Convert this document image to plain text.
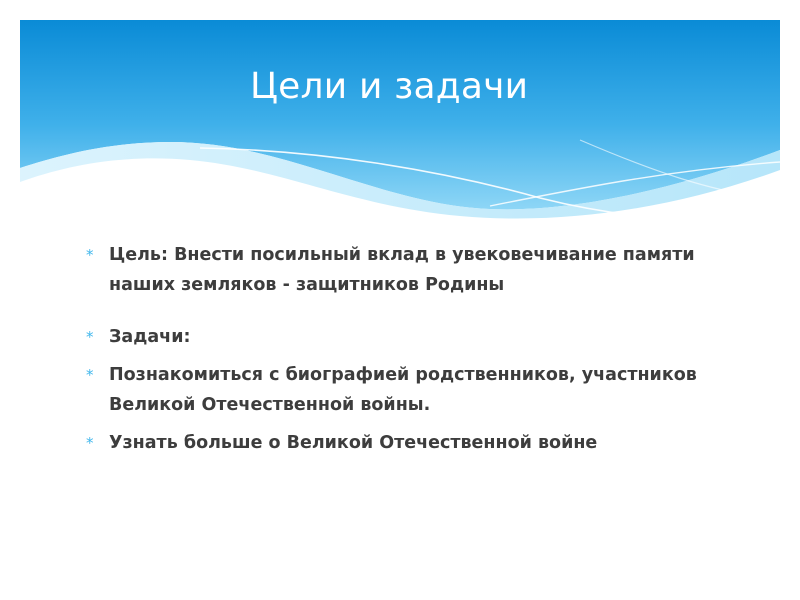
Цели и задачи
* Цель: Внести посильный вклад в увековечивание памяти наших земляков - защитников Родины
* Задачи:
* Познакомиться с биографией родственников, участников Великой Отечественной войны.
* Узнать больше о Великой Отечественной войне
